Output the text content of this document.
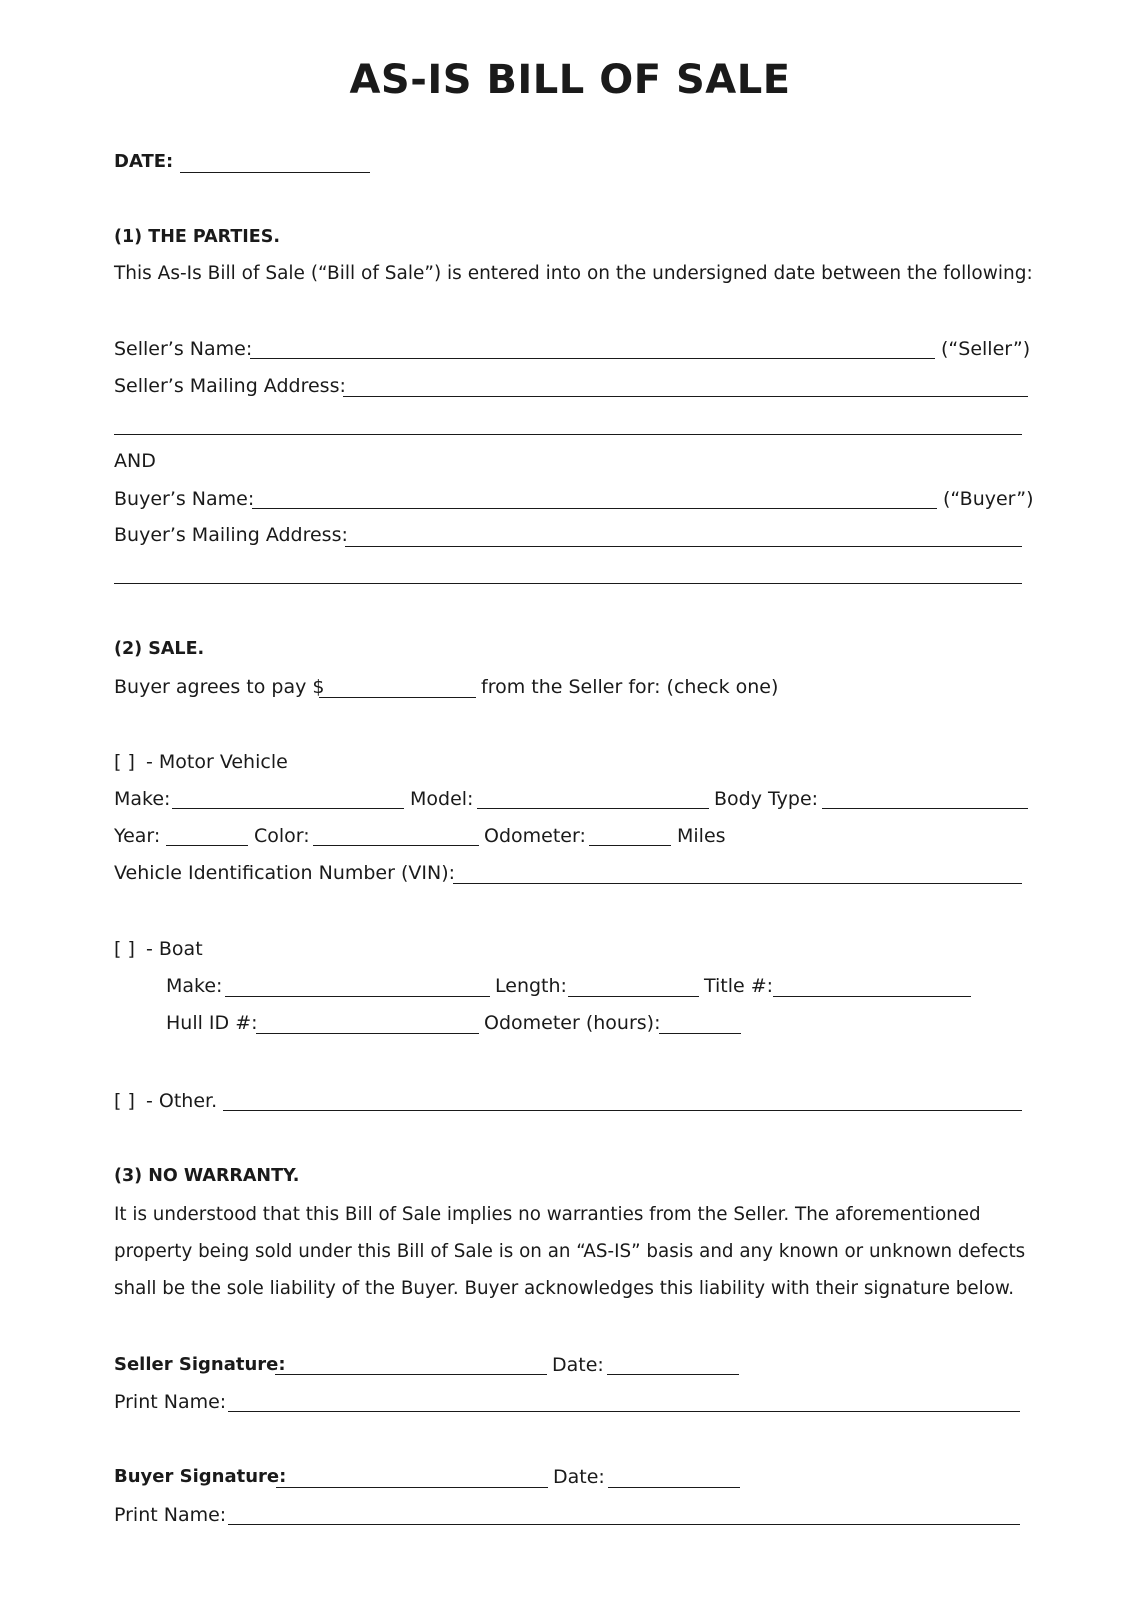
AS-IS BILL OF SALE
DATE:
(1) THE PARTIES.
This As-Is Bill of Sale (“Bill of Sale”) is entered into on the undersigned date between the following:
Seller’s Name:	(“Seller”)
Seller’s Mailing Address:
AND
Buyer’s Name:	(“Buyer”)
Buyer’s Mailing Address:
(2) SALE.
Buyer agrees to pay $	from the Seller for: (check one)
[ ] - Motor Vehicle
Make:	Model:	Body Type:
Year:	Color:	Odometer:	Miles
Vehicle Identification Number (VIN):
[ ] - Boat
Make:	Length:	Title #:
Hull ID #:	Odometer (hours):
[ ] - Other.
(3) NO WARRANTY.
It is understood that this Bill of Sale implies no warranties from the Seller. The aforementioned
property being sold under this Bill of Sale is on an “AS-IS” basis and any known or unknown defects
shall be the sole liability of the Buyer. Buyer acknowledges this liability with their signature below.
Seller Signature:	Date:
Print Name:
Buyer Signature:	Date:
Print Name:
